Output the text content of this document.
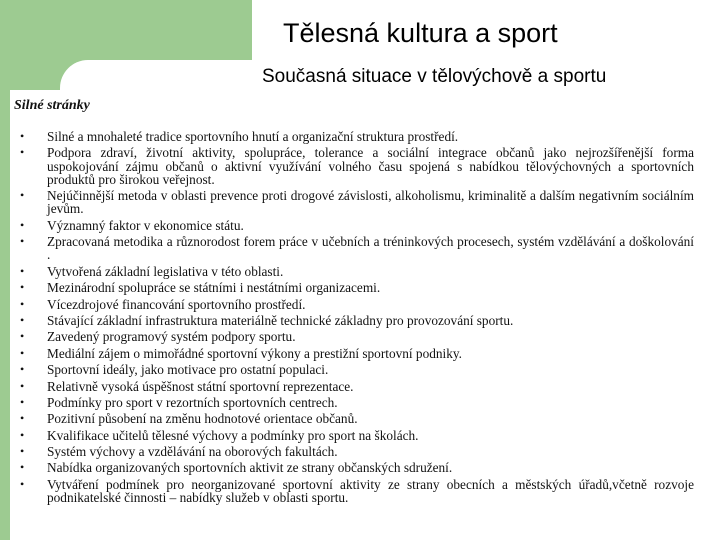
Tělesná kultura a sport
Současná situace v tělovýchově a sportu
Silné stránky
• Silné a mnohaleté tradice sportovního hnutí a organizační struktura prostředí.
• Podpora zdraví, životní aktivity, spolupráce, tolerance a sociální integrace občanů jako nejrozšířenější forma uspokojování zájmu občanů o aktivní využívání volného času spojená s nabídkou tělovýchovných a sportovních produktů pro širokou veřejnost.
• Nejúčinnější metoda v oblasti prevence proti drogové závislosti, alkoholismu, kriminalitě a dalším negativním sociálním jevům.
• Významný faktor v ekonomice státu.
• Zpracovaná metodika a různorodost forem práce v učebních a tréninkových procesech, systém vzdělávání a doškolování .
• Vytvořená základní legislativa v této oblasti.
• Mezinárodní spolupráce se státními i nestátními organizacemi.
• Vícezdrojové financování sportovního prostředí.
• Stávající základní infrastruktura materiálně technické základny pro provozování sportu.
• Zavedený programový systém podpory sportu.
• Mediální zájem o mimořádné sportovní výkony a prestižní sportovní podniky.
• Sportovní ideály, jako motivace pro ostatní populaci.
• Relativně vysoká úspěšnost státní sportovní reprezentace.
• Podmínky pro sport v rezortních sportovních centrech.
• Pozitivní působení na změnu hodnotové orientace občanů.
• Kvalifikace učitelů tělesné výchovy a podmínky pro sport na školách.
• Systém výchovy a vzdělávání na oborových fakultách.
• Nabídka organizovaných sportovních aktivit ze strany občanských sdružení.
• Vytváření podmínek pro neorganizované sportovní aktivity ze strany obecních a městských úřadů,včetně rozvoje podnikatelské činnosti – nabídky služeb v oblasti sportu.
